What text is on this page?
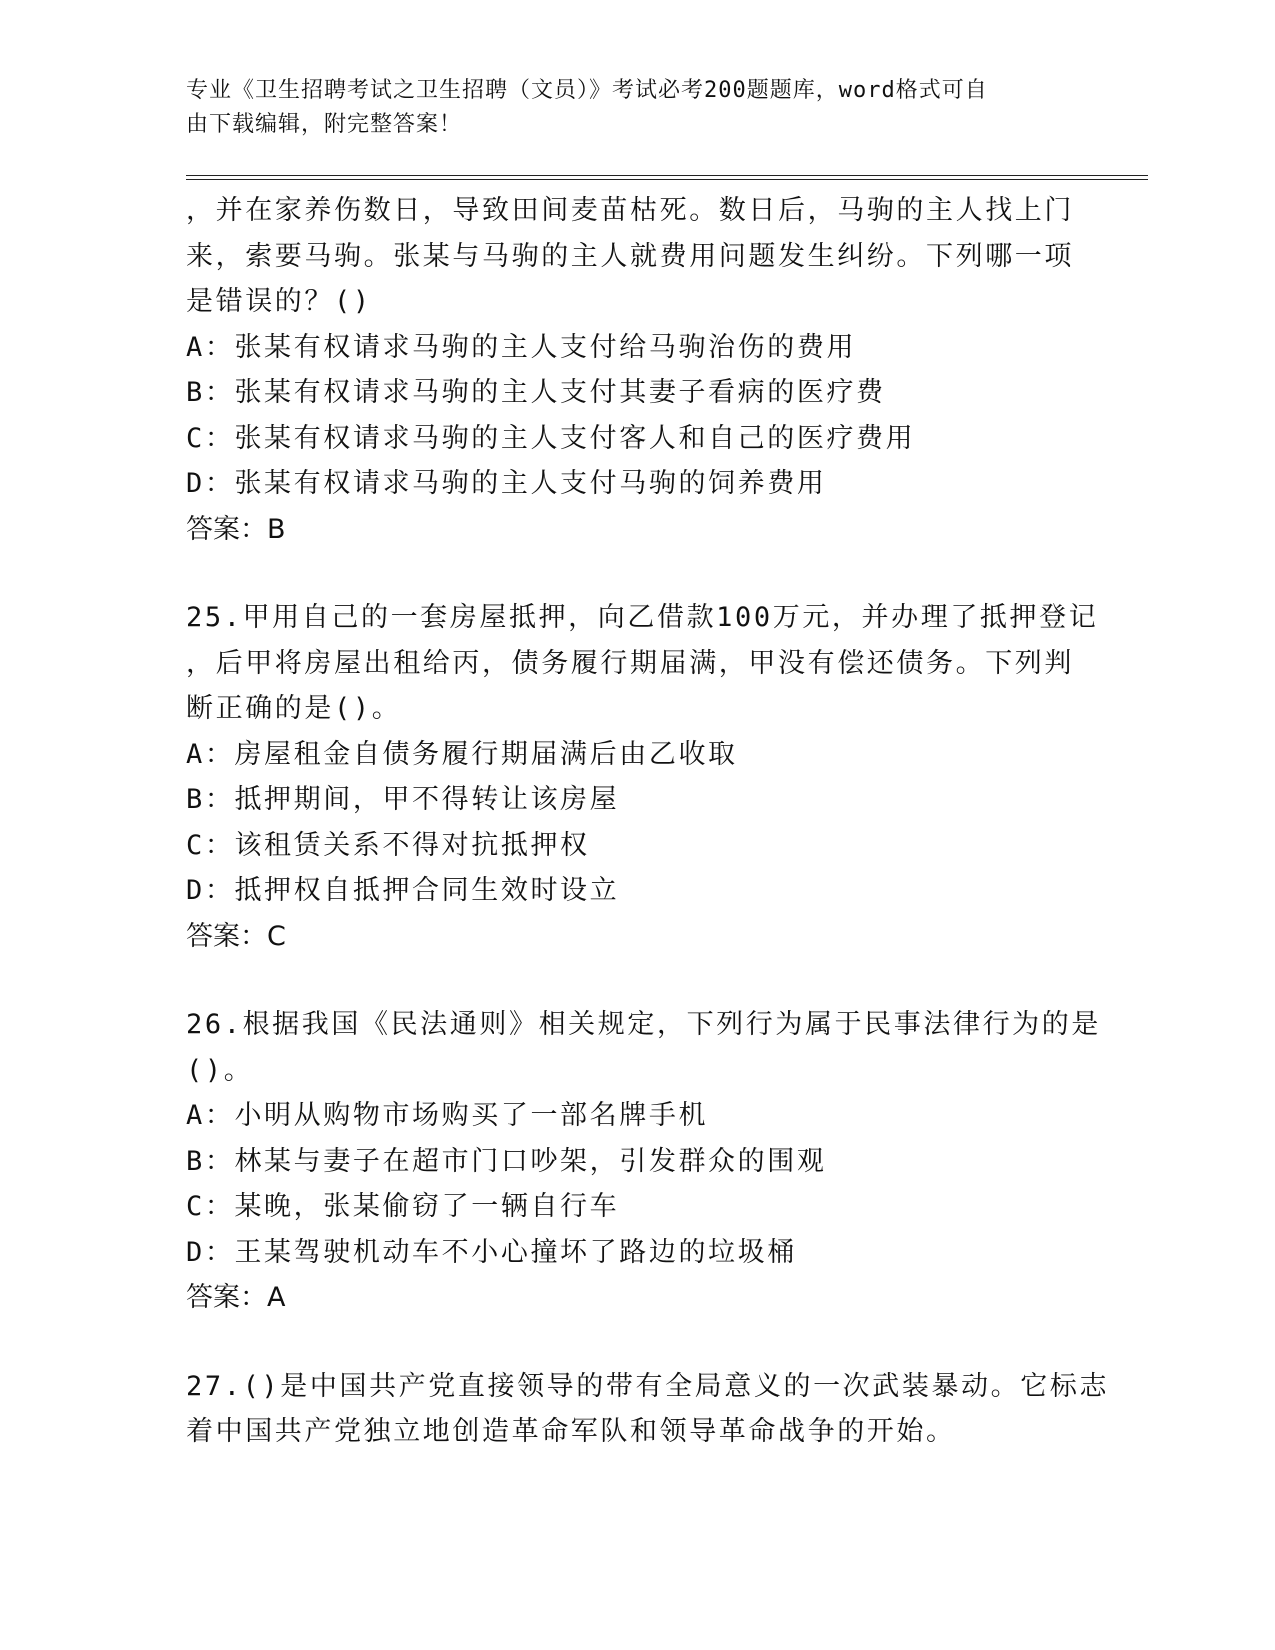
专业《卫生招聘考试之卫生招聘（文员）》考试必考200题题库，word格式可自
由下载编辑，附完整答案！
，并在家养伤数日，导致田间麦苗枯死。数日后，马驹的主人找上门
来，索要马驹。张某与马驹的主人就费用问题发生纠纷。下列哪一项
是错误的？()
A：张某有权请求马驹的主人支付给马驹治伤的费用
B：张某有权请求马驹的主人支付其妻子看病的医疗费
C：张某有权请求马驹的主人支付客人和自己的医疗费用
D：张某有权请求马驹的主人支付马驹的饲养费用
答案：B
25.甲用自己的一套房屋抵押，向乙借款100万元，并办理了抵押登记
，后甲将房屋出租给丙，债务履行期届满，甲没有偿还债务。下列判
断正确的是()。
A：房屋租金自债务履行期届满后由乙收取
B：抵押期间，甲不得转让该房屋
C：该租赁关系不得对抗抵押权
D：抵押权自抵押合同生效时设立
答案：C
26.根据我国《民法通则》相关规定，下列行为属于民事法律行为的是
()。
A：小明从购物市场购买了一部名牌手机
B：林某与妻子在超市门口吵架，引发群众的围观
C：某晚，张某偷窃了一辆自行车
D：王某驾驶机动车不小心撞坏了路边的垃圾桶
答案：A
27.()是中国共产党直接领导的带有全局意义的一次武装暴动。它标志
着中国共产党独立地创造革命军队和领导革命战争的开始。
